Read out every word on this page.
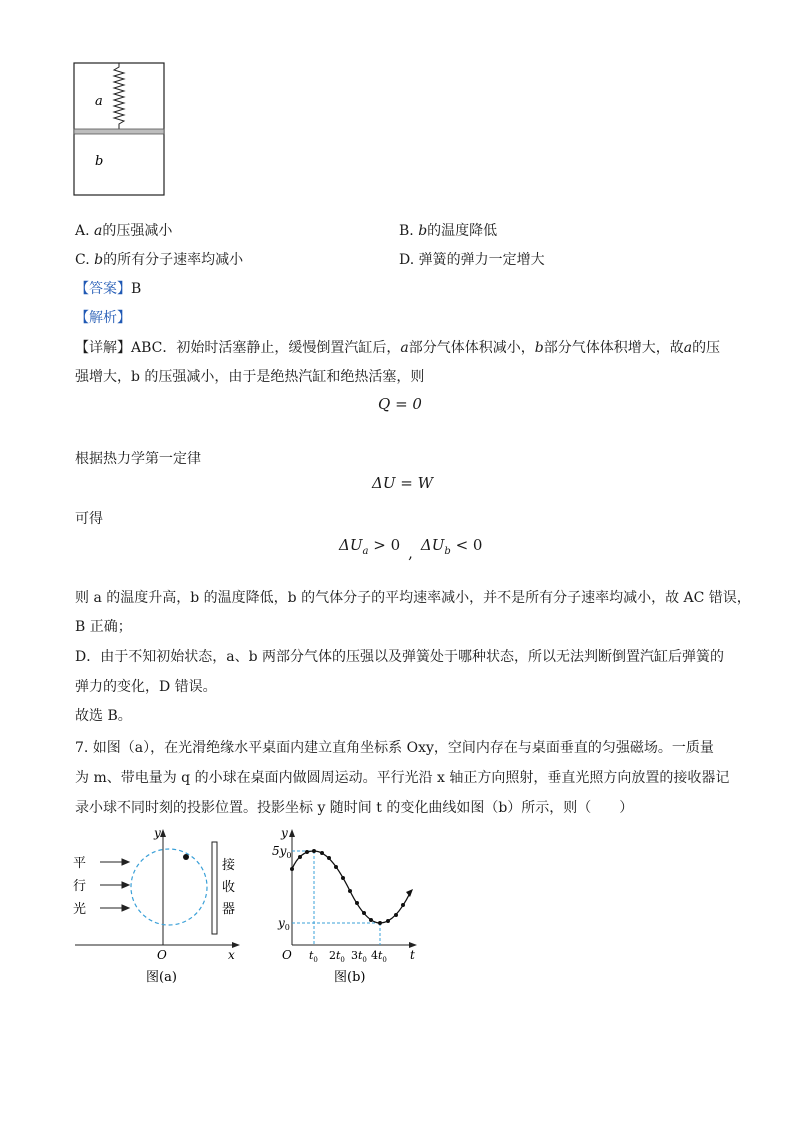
a
b
A. a的压强减小	B. b的温度降低
C. b的所有分子速率均减小	D. 弹簧的弹力一定增大
【答案】B
【解析】
【详解】ABC．初始时活塞静止，缓慢倒置汽缸后，a部分气体体积减小，b部分气体体积增大，故a的压
强增大，b 的压强减小，由于是绝热汽缸和绝热活塞，则
Q = 0
根据热力学第一定律
ΔU = W
可得
$\Delta U_a > 0$ , $\Delta U_b < 0$
则 a 的温度升高，b 的温度降低，b 的气体分子的平均速率减小，并不是所有分子速率均减小，故 AC 错误，
B 正确；
D．由于不知初始状态，a、b 两部分气体的压强以及弹簧处于哪种状态，所以无法判断倒置汽缸后弹簧的
弹力的变化，D 错误。
故选 B。
7. 如图（a），在光滑绝缘水平桌面内建立直角坐标系 Oxy，空间内存在与桌面垂直的匀强磁场。一质量
为 m、带电量为 q 的小球在桌面内做圆周运动。平行光沿 x 轴正方向照射，垂直光照方向放置的接收器记
录小球不同时刻的投影位置。投影坐标 y 随时间 t 的变化曲线如图（b）所示，则（　　）
平
行
光
接
收
器
y
x
O
图(a)
y
t
O
$5y_0$
$y_0$
$t_0$ $2t_0$ $3t_0$ $4t_0$
图(b)
